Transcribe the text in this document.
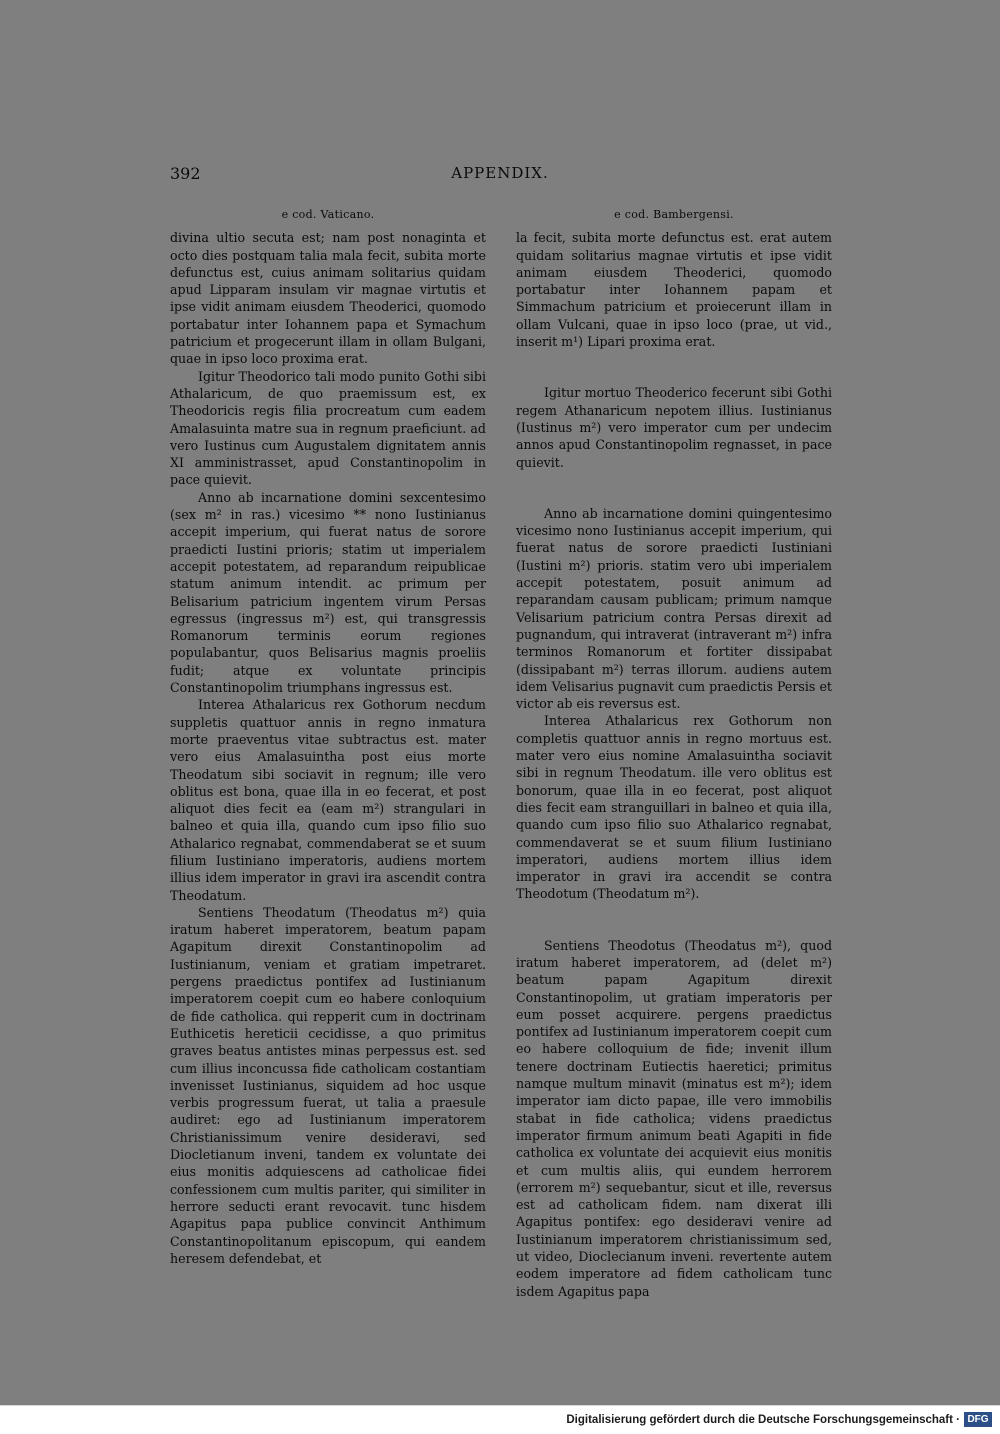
392	APPENDIX.
e cod. Vaticano.

divina ultio secuta est; nam post nonaginta et octo dies postquam talia mala fecit, subita morte defunctus est, cuius animam solitarius quidam apud Lipparam insulam vir magnae virtutis et ipse vidit animam eiusdem Theoderici, quomodo portabatur inter Iohannem papa et Symachum patricium et progecerunt illam in ollam Bulgani, quae in ipso loco proxima erat.

Igitur Theodorico tali modo punito Gothi sibi Athalaricum, de quo praemissum est, ex Theodoricis regis filia procreatum cum eadem Amalasuinta matre sua in regnum praeficiunt. ad vero Iustinus cum Augustalem dignitatem annis XI amministrasset, apud Constantinopolim in pace quievit.

Anno ab incarnatione domini sexcentesimo (sex m² in ras.) vicesimo ** nono Iustinianus accepit imperium, qui fuerat natus de sorore praedicti Iustini prioris; statim ut imperialem accepit potestatem, ad reparandum reipublicae statum animum intendit. ac primum per Belisarium patricium ingentem virum Persas egressus (ingressus m²) est, qui transgressis Romanorum terminis eorum regiones populabantur, quos Belisarius magnis proeliis fudit; atque ex voluntate principis Constantinopolim triumphans ingressus est.

Interea Athalaricus rex Gothorum necdum suppletis quattuor annis in regno inmatura morte praeventus vitae subtractus est. mater vero eius Amalasuintha post eius morte Theodatum sibi sociavit in regnum; ille vero oblitus est bona, quae illa in eo fecerat, et post aliquot dies fecit ea (eam m²) strangulari in balneo et quia illa, quando cum ipso filio suo Athalarico regnabat, commendaberat se et suum filium Iustiniano imperatoris, audiens mortem illius idem imperator in gravi ira ascendit contra Theodatum.

Sentiens Theodatum (Theodatus m²) quia iratum haberet imperatorem, beatum papam Agapitum direxit Constantinopolim ad Iustinianum, veniam et gratiam impetraret. pergens praedictus pontifex ad Iustinianum imperatorem coepit cum eo habere conloquium de fide catholica. qui repperit cum in doctrinam Euthicetis hereticii cecidisse, a quo primitus graves beatus antistes minas perpessus est. sed cum illius inconcussa fide catholicam costantiam invenisset Iustinianus, siquidem ad hoc usque verbis progressum fuerat, ut talia a praesule audiret: ego ad Iustinianum imperatorem Christianissimum venire desideravi, sed Diocletianum inveni, tandem ex voluntate dei eius monitis adquiescens ad catholicae fidei confessionem cum multis pariter, qui similiter in herrore seducti erant revocavit. tunc hisdem Agapitus papa publice convincit Anthimum Constantinopolitanum episcopum, qui eandem heresem defendebat, et

e cod. Bambergensi.

la fecit, subita morte defunctus est. erat autem quidam solitarius magnae virtutis et ipse vidit animam eiusdem Theoderici, quomodo portabatur inter Iohannem papam et Simmachum patricium et proiecerunt illam in ollam Vulcani, quae in ipso loco (prae, ut vid., inserit m¹) Lipari proxima erat.

Igitur mortuo Theoderico fecerunt sibi Gothi regem Athanaricum nepotem illius. Iustinianus (Iustinus m²) vero imperator cum per undecim annos apud Constantinopolim regnasset, in pace quievit.

Anno ab incarnatione domini quingentesimo vicesimo nono Iustinianus accepit imperium, qui fuerat natus de sorore praedicti Iustiniani (Iustini m²) prioris. statim vero ubi imperialem accepit potestatem, posuit animum ad reparandam causam publicam; primum namque Velisarium patricium contra Persas direxit ad pugnandum, qui intraverat (intraverant m²) infra terminos Romanorum et fortiter dissipabat (dissipabant m²) terras illorum. audiens autem idem Velisarius pugnavit cum praedictis Persis et victor ab eis reversus est.

Interea Athalaricus rex Gothorum non completis quattuor annis in regno mortuus est. mater vero eius nomine Amalasuintha sociavit sibi in regnum Theodatum. ille vero oblitus est bonorum, quae illa in eo fecerat, post aliquot dies fecit eam stranguillari in balneo et quia illa, quando cum ipso filio suo Athalarico regnabat, commendaverat se et suum filium Iustiniano imperatori, audiens mortem illius idem imperator in gravi ira accendit se contra Theodotum (Theodatum m²).

Sentiens Theodotus (Theodatus m²), quod iratum haberet imperatorem, ad (delet m²) beatum papam Agapitum direxit Constantinopolim, ut gratiam imperatoris per eum posset acquirere. pergens praedictus pontifex ad Iustinianum imperatorem coepit cum eo habere colloquium de fide; invenit illum tenere doctrinam Eutiectis haeretici; primitus namque multum minavit (minatus est m²); idem imperator iam dicto papae, ille vero immobilis stabat in fide catholica; videns praedictus imperator firmum animum beati Agapiti in fide catholica ex voluntate dei acquievit eius monitis et cum multis aliis, qui eundem herrorem (errorem m²) sequebantur, sicut et ille, reversus est ad catholicam fidem. nam dixerat illi Agapitus pontifex: ego desideravi venire ad Iustinianum imperatorem christianissimum sed, ut video, Dioclecianum inveni. revertente autem eodem imperatore ad fidem catholicam tunc isdem Agapitus papa

Digitalisierung gefördert durch die Deutsche Forschungsgemeinschaft · DFG
